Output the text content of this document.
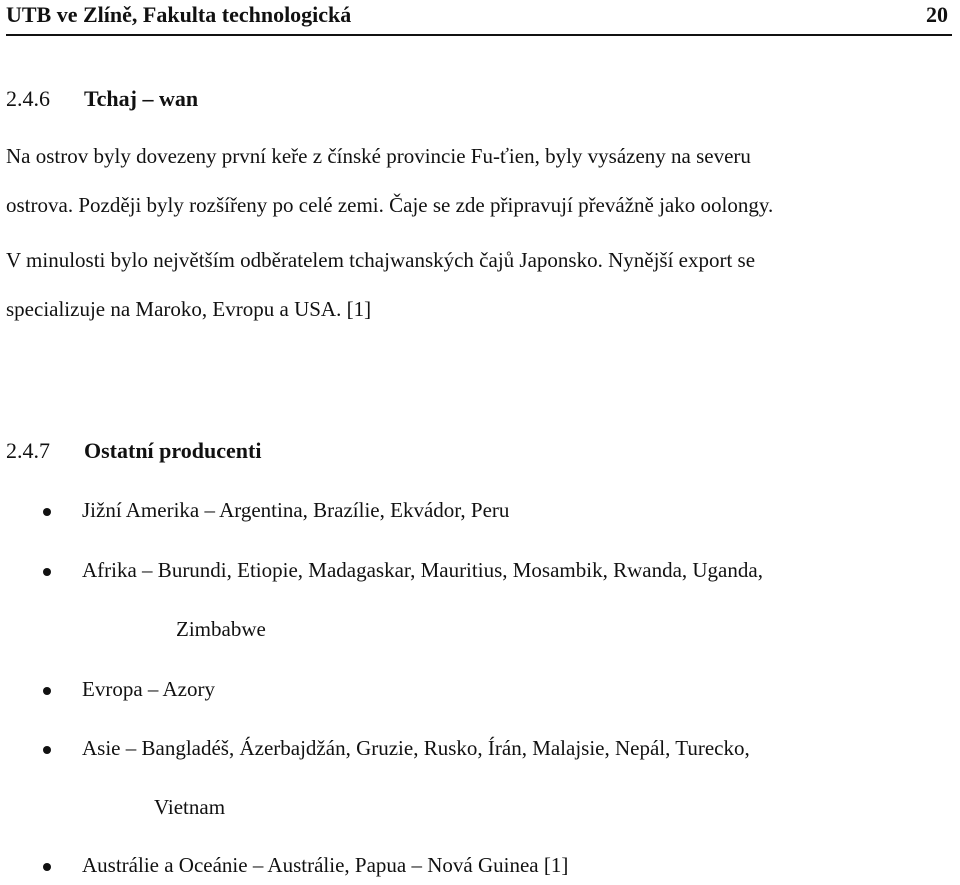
UTB ve Zlíně, Fakulta technologická	20
2.4.6 Tchaj – wan
Na ostrov byly dovezeny první keře z čínské provincie Fu-ťien, byly vysázeny na severu
ostrova. Později byly rozšířeny po celé zemi. Čaje se zde připravují převážně jako oolongy.
V minulosti bylo největším odběratelem tchajwanských čajů Japonsko. Nynější export se
specializuje na Maroko, Evropu a USA. [1]
2.4.7 Ostatní producenti
Jižní Amerika – Argentina, Brazílie, Ekvádor, Peru
Afrika – Burundi, Etiopie, Madagaskar, Mauritius, Mosambik, Rwanda, Uganda,
Zimbabwe
Evropa – Azory
Asie – Bangladéš, Ázerbajdžán, Gruzie, Rusko, Írán, Malajsie, Nepál, Turecko,
Vietnam
Austrálie a Oceánie – Austrálie, Papua – Nová Guinea [1]
